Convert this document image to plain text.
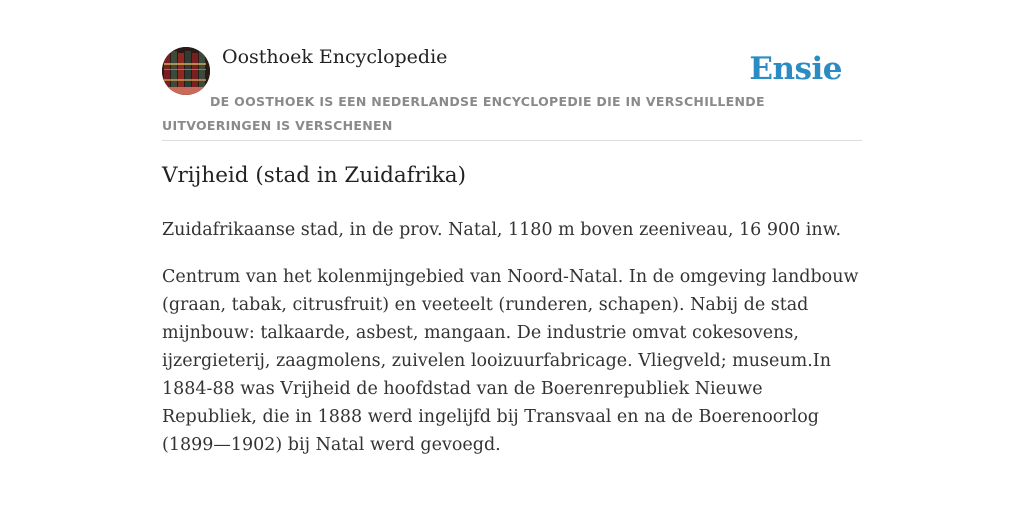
Oosthoek Encyclopedie	Ensie
DE OOSTHOEK IS EEN NEDERLANDSE ENCYCLOPEDIE DIE IN VERSCHILLENDE UITVOERINGEN IS VERSCHENEN
Vrijheid (stad in Zuidafrika)

Zuidafrikaanse stad, in de prov. Natal, 1180 m boven zeeniveau, 16 900 inw.

Centrum van het kolenmijngebied van Noord-Natal. In de omgeving landbouw (graan, tabak, citrusfruit) en veeteelt (runderen, schapen). Nabij de stad mijnbouw: talkaarde, asbest, mangaan. De industrie omvat cokesovens, ijzergieterij, zaagmolens, zuivelen looizuurfabricage. Vliegveld; museum.In 1884-88 was Vrijheid de hoofdstad van de Boerenrepubliek Nieuwe Republiek, die in 1888 werd ingelijfd bij Transvaal en na de Boerenoorlog (1899—1902) bij Natal werd gevoegd.
